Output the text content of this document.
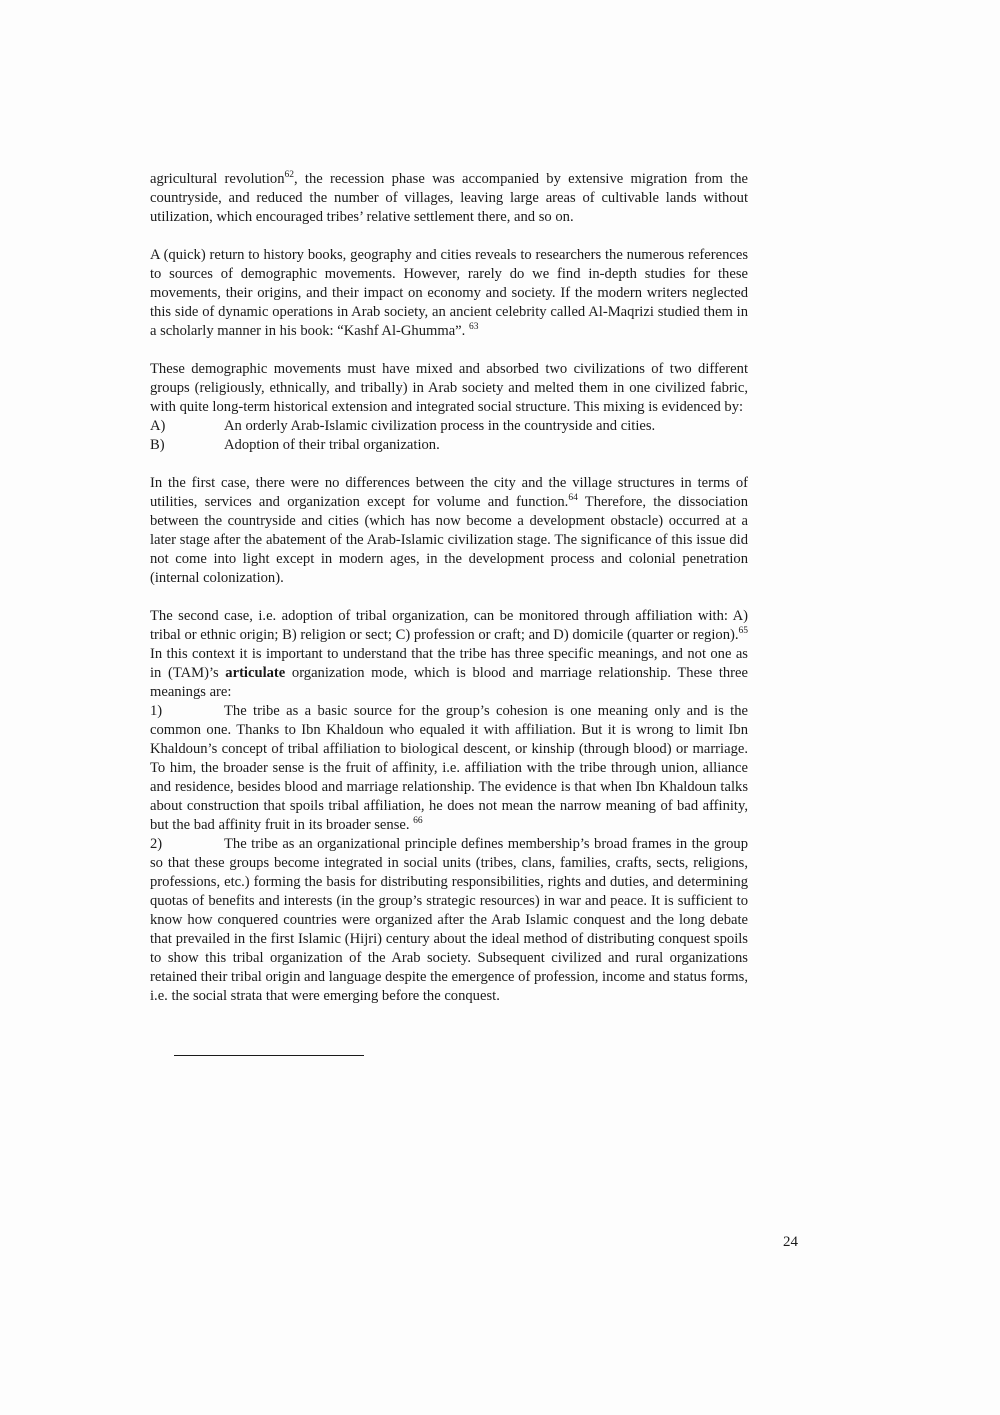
agricultural revolution$^{62}$, the recession phase was accompanied by extensive migration from the countryside, and reduced the number of villages, leaving large areas of cultivable lands without utilization, which encouraged tribes’ relative settlement there, and so on.

A (quick) return to history books, geography and cities reveals to researchers the numerous references to sources of demographic movements. However, rarely do we find in-depth studies for these movements, their origins, and their impact on economy and society. If the modern writers neglected this side of dynamic operations in Arab society, an ancient celebrity called Al-Maqrizi studied them in a scholarly manner in his book: “Kashf Al-Ghumma”. $^{63}$

These demographic movements must have mixed and absorbed two civilizations of two different groups (religiously, ethnically, and tribally) in Arab society and melted them in one civilized fabric, with quite long-term historical extension and integrated social structure. This mixing is evidenced by:

A)	An orderly Arab-Islamic civilization process in the countryside and cities.
B)	Adoption of their tribal organization.

In the first case, there were no differences between the city and the village structures in terms of utilities, services and organization except for volume and function.$^{64}$ Therefore, the dissociation between the countryside and cities (which has now become a development obstacle) occurred at a later stage after the abatement of the Arab-Islamic civilization stage. The significance of this issue did not come into light except in modern ages, in the development process and colonial penetration (internal colonization).

The second case, i.e. adoption of tribal organization, can be monitored through affiliation with: A) tribal or ethnic origin; B) religion or sect; C) profession or craft; and D) domicile (quarter or region).$^{65}$ In this context it is important to understand that the tribe has three specific meanings, and not one as in (TAM)’s articulate organization mode, which is blood and marriage relationship. These three meanings are:

1)	The tribe as a basic source for the group’s cohesion is one meaning only and is the common one. Thanks to Ibn Khaldoun who equaled it with affiliation. But it is wrong to limit Ibn Khaldoun’s concept of tribal affiliation to biological descent, or kinship (through blood) or marriage. To him, the broader sense is the fruit of affinity, i.e. affiliation with the tribe through union, alliance and residence, besides blood and marriage relationship. The evidence is that when Ibn Khaldoun talks about construction that spoils tribal affiliation, he does not mean the narrow meaning of bad affinity, but the bad affinity fruit in its broader sense. $^{66}$

2)	The tribe as an organizational principle defines membership’s broad frames in the group so that these groups become integrated in social units (tribes, clans, families, crafts, sects, religions, professions, etc.) forming the basis for distributing responsibilities, rights and duties, and determining quotas of benefits and interests (in the group’s strategic resources) in war and peace. It is sufficient to know how conquered countries were organized after the Arab Islamic conquest and the long debate that prevailed in the first Islamic (Hijri) century about the ideal method of distributing conquest spoils to show this tribal organization of the Arab society. Subsequent civilized and rural organizations retained their tribal origin and language despite the emergence of profession, income and status forms, i.e. the social strata that were emerging before the conquest.

24
